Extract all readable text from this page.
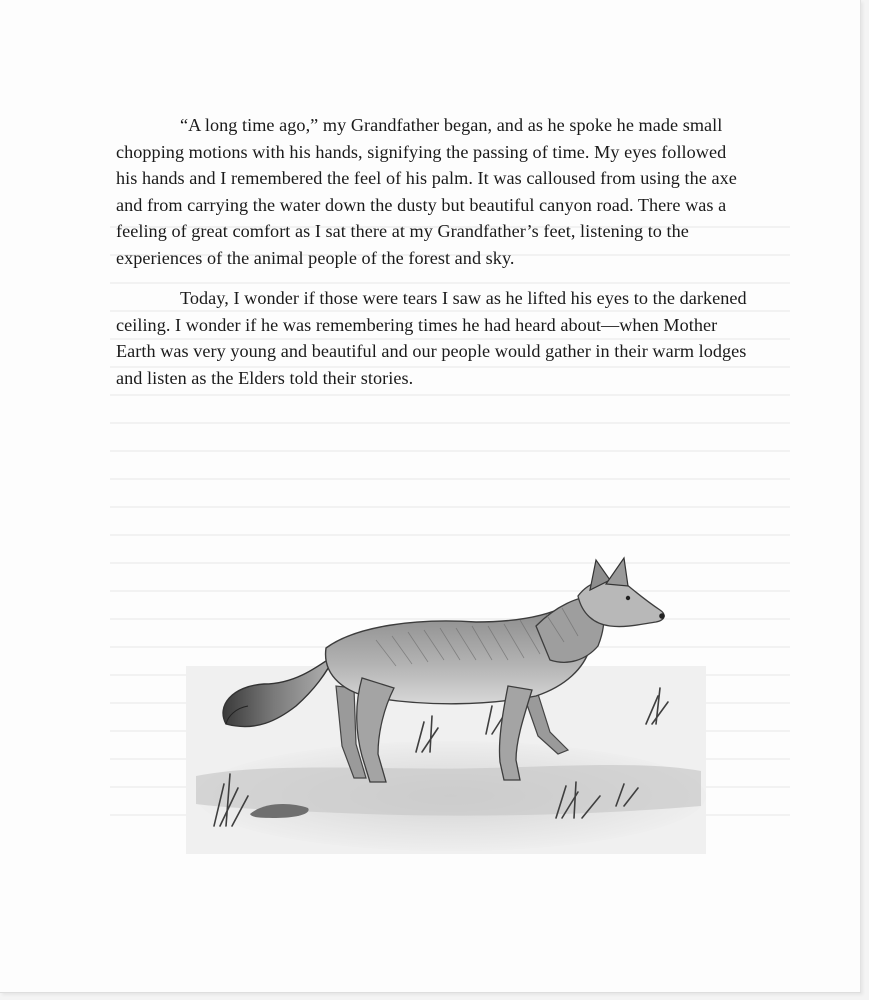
“A long time ago,” my Grandfather began, and as he spoke he made small chopping motions with his hands, signifying the passing of time. My eyes followed his hands and I remembered the feel of his palm. It was calloused from using the axe and from carrying the water down the dusty but beautiful canyon road. There was a feeling of great comfort as I sat there at my Grandfather’s feet, listening to the experiences of the animal people of the forest and sky.

Today, I wonder if those were tears I saw as he lifted his eyes to the darkened ceiling. I wonder if he was remembering times he had heard about—when Mother Earth was very young and beautiful and our people would gather in their warm lodges and listen as the Elders told their stories.
